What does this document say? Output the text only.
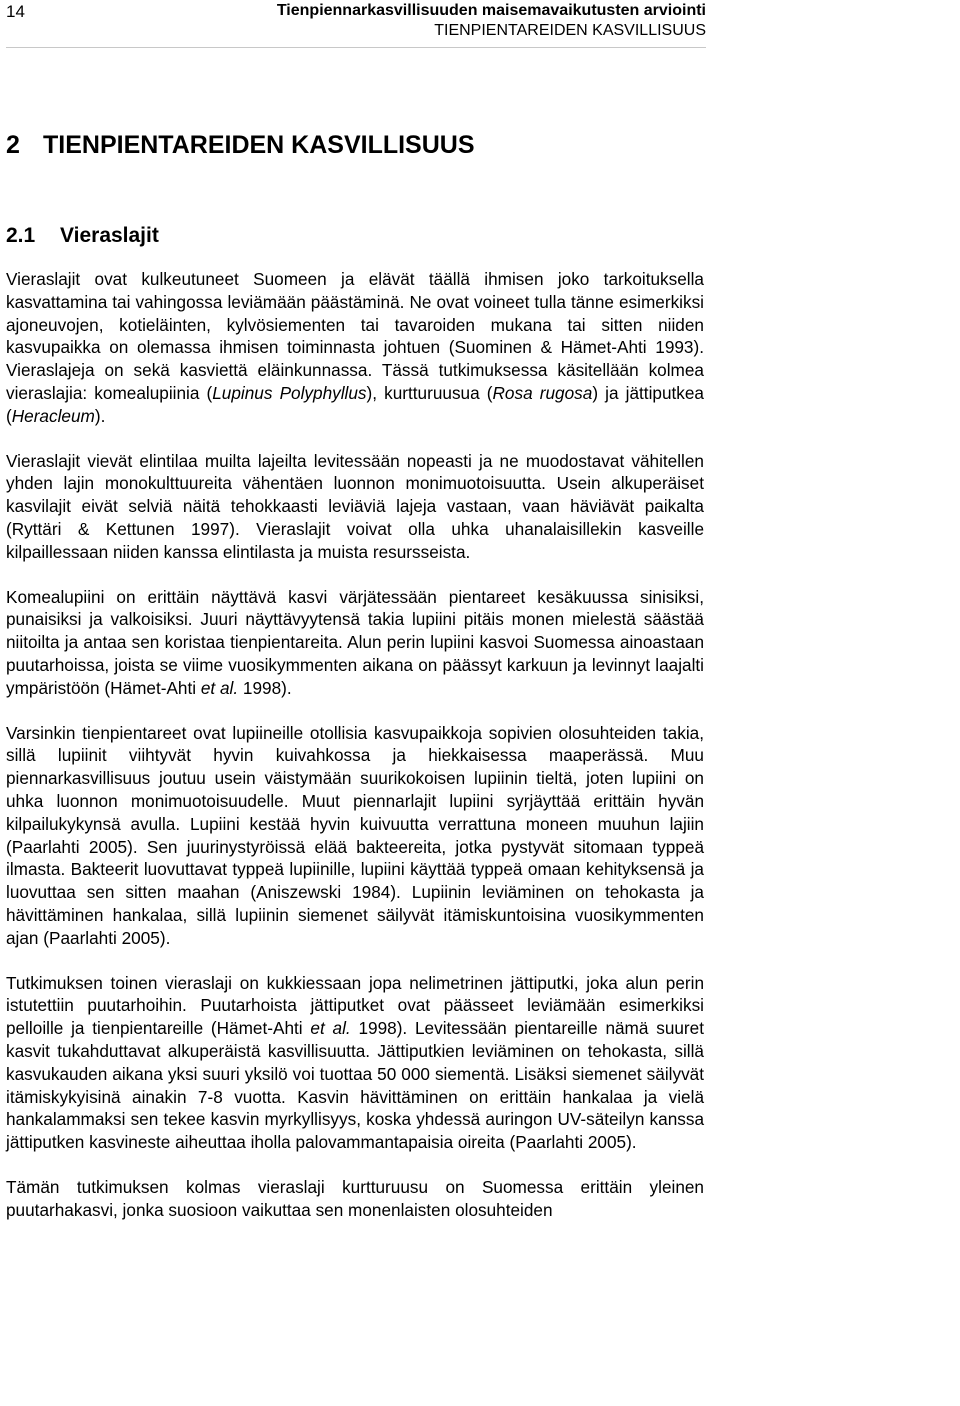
14	Tienpiennarkasvillisuuden maisemavaikutusten arviointi
TIENPIENTAREIDEN KASVILLISUUS
2 TIENPIENTAREIDEN KASVILLISUUS
2.1 Vieraslajit

Vieraslajit ovat kulkeutuneet Suomeen ja elävät täällä ihmisen joko tarkoituksella kasvattamina tai vahingossa leviämään päästäminä. Ne ovat voineet tulla tänne esimerkiksi ajoneuvojen, kotieläinten, kylvösiementen tai tavaroiden mukana tai sitten niiden kasvupaikka on olemassa ihmisen toiminnasta johtuen (Suominen & Hämet-Ahti 1993). Vieraslajeja on sekä kasviettä eläinkunnassa. Tässä tutkimuksessa käsitellään kolmea vieraslajia: komealupiinia (Lupinus Polyphyllus), kurtturuusua (Rosa rugosa) ja jättiputkea (Heracleum).

Vieraslajit vievät elintilaa muilta lajeilta levitessään nopeasti ja ne muodostavat vähitellen yhden lajin monokulttuureita vähentäen luonnon monimuotoisuutta. Usein alkuperäiset kasvilajit eivät selviä näitä tehokkaasti leviäviä lajeja vastaan, vaan häviävät paikalta (Ryttäri & Kettunen 1997). Vieraslajit voivat olla uhka uhanalaisillekin kasveille kilpaillessaan niiden kanssa elintilasta ja muista resursseista.

Komealupiini on erittäin näyttävä kasvi värjätessään pientareet kesäkuussa sinisiksi, punaisiksi ja valkoisiksi. Juuri näyttävyytensä takia lupiini pitäis monen mielestä säästää niitoilta ja antaa sen koristaa tienpientareita. Alun perin lupiini kasvoi Suomessa ainoastaan puutarhoissa, joista se viime vuosikymmenten aikana on päässyt karkuun ja levinnyt laajalti ympäristöön (Hämet-Ahti et al. 1998).

Varsinkin tienpientareet ovat lupiineille otollisia kasvupaikkoja sopivien olosuhteiden takia, sillä lupiinit viihtyvät hyvin kuivahkossa ja hiekkaisessa maaperässä. Muu piennarkasvillisuus joutuu usein väistymään suurikokoisen lupiinin tieltä, joten lupiini on uhka luonnon monimuotoisuudelle. Muut piennarlajit lupiini syrjäyttää erittäin hyvän kilpailukykynsä avulla. Lupiini kestää hyvin kuivuutta verrattuna moneen muuhun lajiin (Paarlahti 2005). Sen juurinystyröissä elää bakteereita, jotka pystyvät sitomaan typpeä ilmasta. Bakteerit luovuttavat typpeä lupiinille, lupiini käyttää typpeä omaan kehityksensä ja luovuttaa sen sitten maahan (Aniszewski 1984). Lupiinin leviäminen on tehokasta ja hävittäminen hankalaa, sillä lupiinin siemenet säilyvät itämiskuntoisina vuosikymmenten ajan (Paarlahti 2005).

Tutkimuksen toinen vieraslaji on kukkiessaan jopa nelimetrinen jättiputki, joka alun perin istutettiin puutarhoihin. Puutarhoista jättiputket ovat päässeet leviämään esimerkiksi pelloille ja tienpientareille (Hämet-Ahti et al. 1998). Levitessään pientareille nämä suuret kasvit tukahduttavat alkuperäistä kasvillisuutta. Jättiputkien leviäminen on tehokasta, sillä kasvukauden aikana yksi suuri yksilö voi tuottaa 50 000 siementä. Lisäksi siemenet säilyvät itämiskykyisinä ainakin 7-8 vuotta. Kasvin hävittäminen on erittäin hankalaa ja vielä hankalammaksi sen tekee kasvin myrkyllisyys, koska yhdessä auringon UV-säteilyn kanssa jättiputken kasvineste aiheuttaa iholla palovammantapaisia oireita (Paarlahti 2005).

Tämän tutkimuksen kolmas vieraslaji kurtturuusu on Suomessa erittäin yleinen puutarhakasvi, jonka suosioon vaikuttaa sen monenlaisten olosuhteiden
